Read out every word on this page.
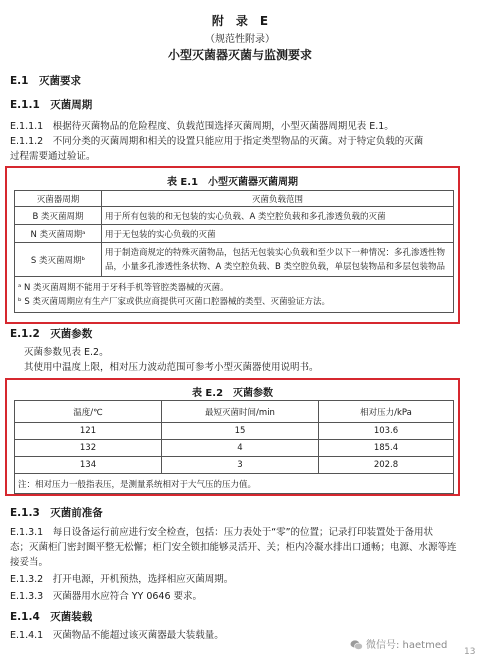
附　录　E
（规范性附录）
小型灭菌器灭菌与监测要求
E.1　灭菌要求
E.1.1　灭菌周期
E.1.1.1　根据待灭菌物品的危险程度、负载范围选择灭菌周期，小型灭菌器周期见表 E.1。
E.1.1.2　不同分类的灭菌周期和相关的设置只能应用于指定类型物品的灭菌。对于特定负载的灭菌
过程需要通过验证。
表 E.1　小型灭菌器灭菌周期
灭菌器周期	灭菌负载范围
B 类灭菌周期	用于所有包装的和无包装的实心负载、A 类空腔负载和多孔渗透负载的灭菌
N 类灭菌周期ᵃ	用于无包装的实心负载的灭菌
S 类灭菌周期ᵇ	用于制造商规定的特殊灭菌物品，包括无包装实心负载和至少以下一种情况：多孔渗透性物
品，小量多孔渗透性条状物、A 类空腔负载、B 类空腔负载，单层包装物品和多层包装物品

ᵃ N 类灭菌周期不能用于牙科手机等管腔类器械的灭菌。
ᵇ S 类灭菌周期应有生产厂家或供应商提供可灭菌口腔器械的类型、灭菌验证方法。	
E.1.2　灭菌参数
灭菌参数见表 E.2。
其使用中温度上限，相对压力波动范围可参考小型灭菌器使用说明书。
表 E.2　灭菌参数
温度/℃	最短灭菌时间/min	相对压力/kPa
121	15	103.6
132	4	185.4
134	3	202.8
注：相对压力一般指表压，是测量系统相对于大气压的压力值。		
E.1.3　灭菌前准备
E.1.3.1　每日设备运行前应进行安全检查，包括：压力表处于“零”的位置；记录打印装置处于备用状
态；灭菌柜门密封圈平整无松懈；柜门安全锁扣能够灵活开、关；柜内冷凝水排出口通畅；电源、水源等连
接妥当。
E.1.3.2　打开电源，开机预热，选择相应灭菌周期。
E.1.3.3　灭菌器用水应符合 YY 0646 要求。
E.1.4　灭菌装载
E.1.4.1　灭菌物品不能超过该灭菌器最大装载量。
微信号: haetmed
13
